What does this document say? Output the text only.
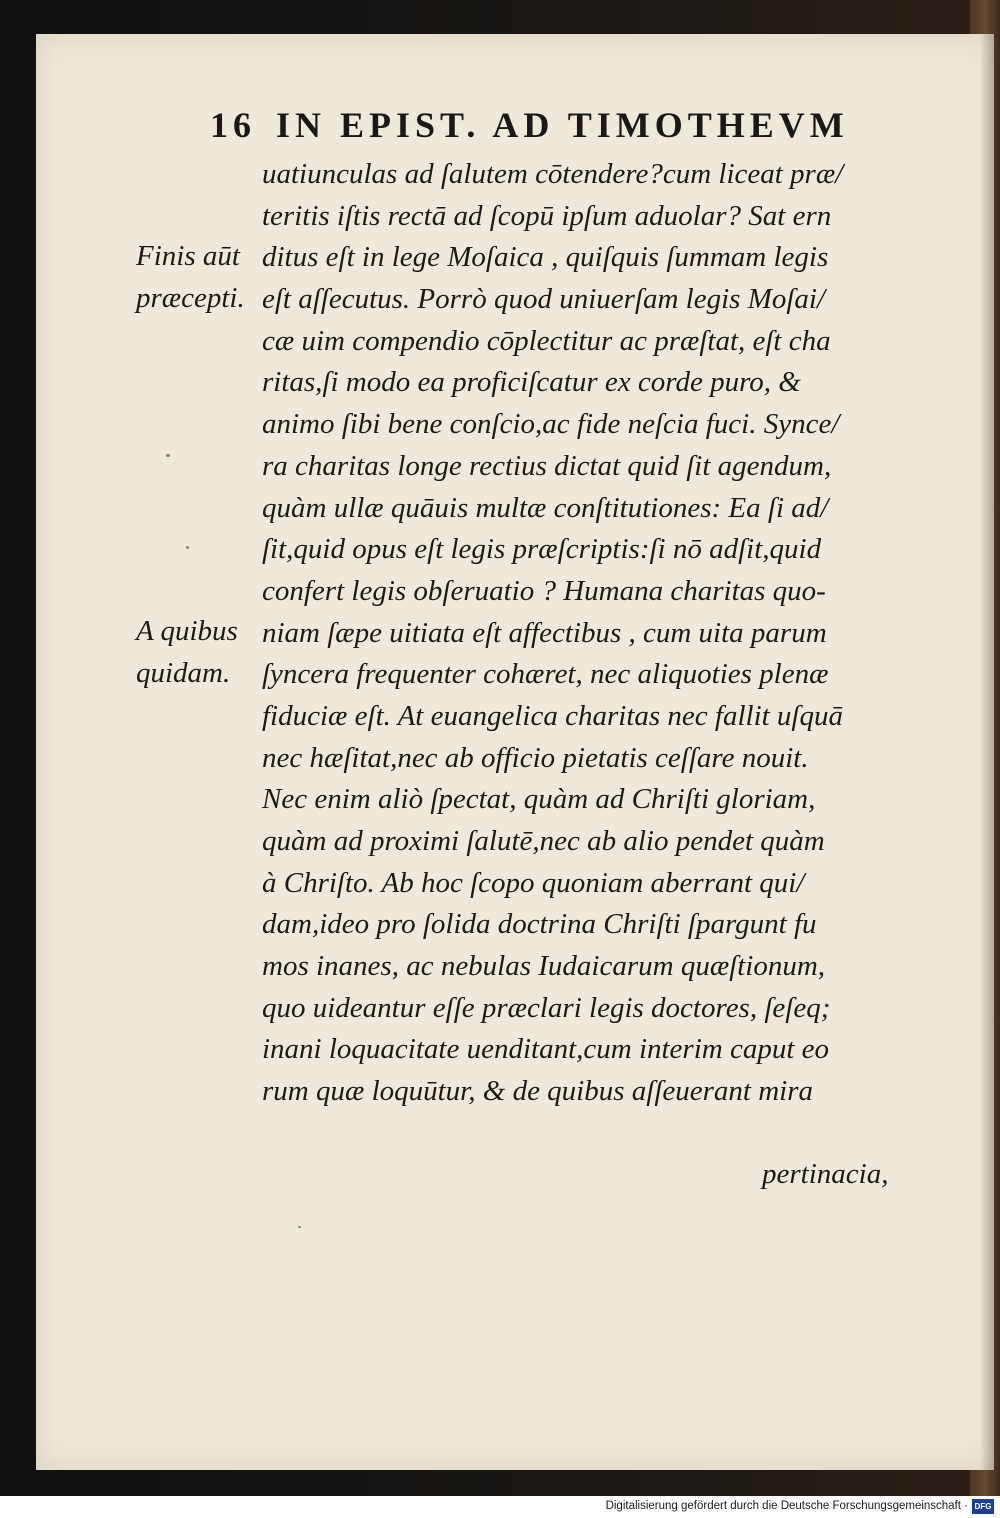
16 IN EPIST. AD TIMOTHEVM
Finis aūt
præcepti.
A quibus
quidam.
uatiunculas ad ſalutem cōtendere?cum liceat præ/
teritis iſtis rectā ad ſcopū ipſum aduolar? Sat ern
ditus eſt in lege Moſaica , quiſquis ſummam legis
eſt aſſecutus. Porrò quod uniuerſam legis Moſai/
cæ uim compendio cōplectitur ac præſtat, eſt cha
ritas,ſi modo ea proficiſcatur ex corde puro, &
animo ſibi bene conſcio,ac fide neſcia fuci. Synce/
ra charitas longe rectius dictat quid ſit agendum,
quàm ullæ quāuis multæ conſtitutiones: Ea ſi ad/
ſit,quid opus eſt legis præſcriptis:ſi nō adſit,quid
confert legis obſeruatio ? Humana charitas quo-
niam ſæpe uitiata eſt affectibus , cum uita parum
ſyncera frequenter cohæret, nec aliquoties plenæ
fiduciæ eſt. At euangelica charitas nec fallit uſquā
nec hæſitat,nec ab officio pietatis ceſſare nouit.
Nec enim aliò ſpectat, quàm ad Chriſti gloriam,
quàm ad proximi ſalutē,nec ab alio pendet quàm
à Chriſto. Ab hoc ſcopo quoniam aberrant qui/
dam,ideo pro ſolida doctrina Chriſti ſpargunt fu
mos inanes, ac nebulas Iudaicarum quæſtionum,
quo uideantur eſſe præclari legis doctores, ſeſeq;
inani loquacitate uenditant,cum interim caput eo
rum quæ loquūtur, & de quibus aſſeuerant mira
pertinacia,
Digitalisierung gefördert durch die Deutsche Forschungsgemeinschaft · DFG
